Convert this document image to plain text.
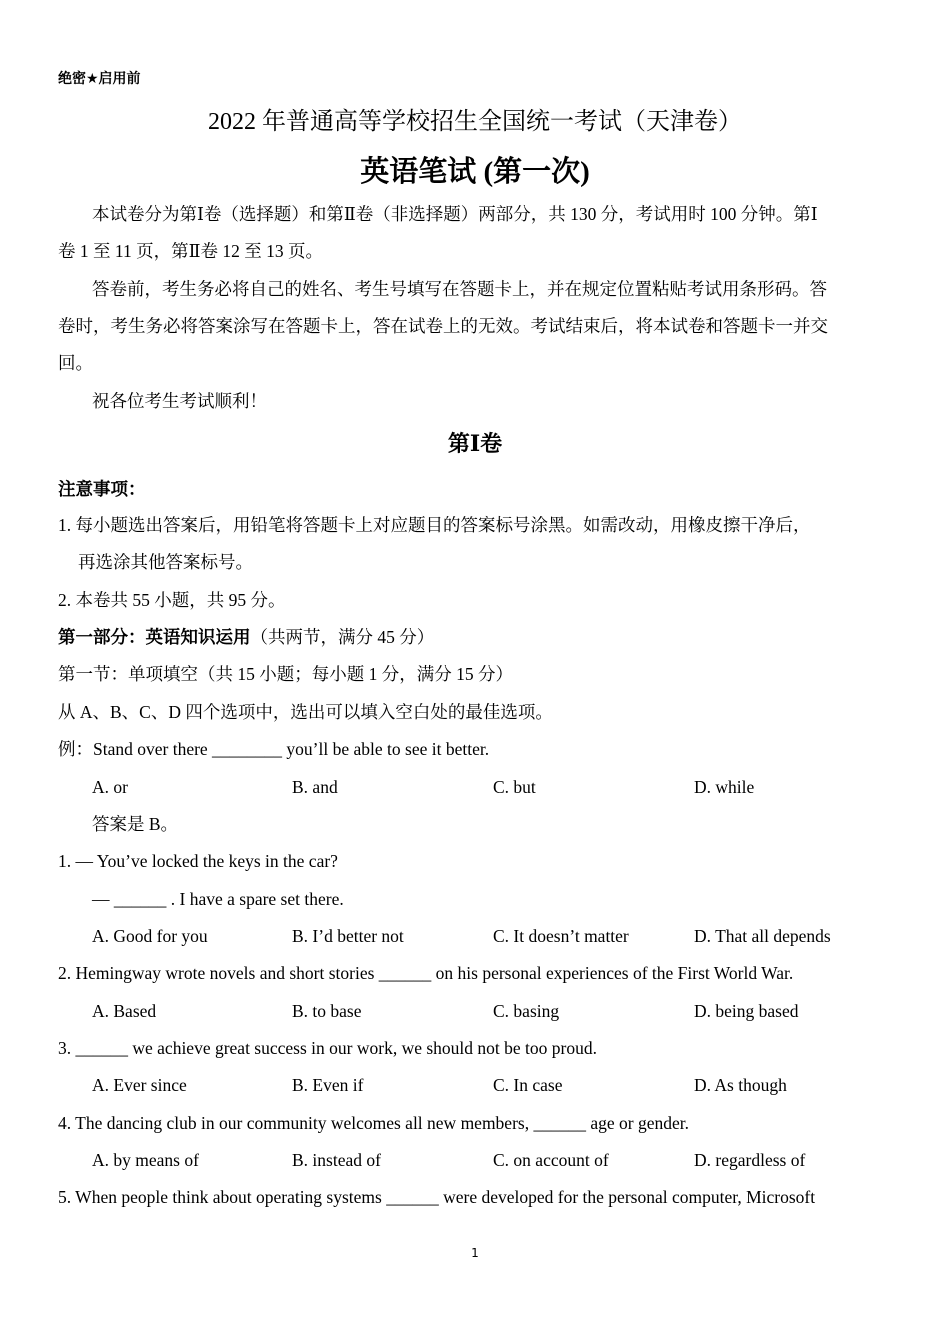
绝密★启用前
2022 年普通高等学校招生全国统一考试（天津卷）
英语笔试 (第一次)
本试卷分为第Ⅰ卷（选择题）和第Ⅱ卷（非选择题）两部分，共 130 分，考试用时 100 分钟。第Ⅰ
卷 1 至 11 页，第Ⅱ卷 12 至 13 页。
答卷前，考生务必将自己的姓名、考生号填写在答题卡上，并在规定位置粘贴考试用条形码。答
卷时，考生务必将答案涂写在答题卡上，答在试卷上的无效。考试结束后，将本试卷和答题卡一并交
回。
祝各位考生考试顺利！
第Ⅰ卷
注意事项：
1. 每小题选出答案后，用铅笔将答题卡上对应题目的答案标号涂黑。如需改动，用橡皮擦干净后，
再选涂其他答案标号。
2. 本卷共 55 小题，共 95 分。
第一部分：英语知识运用（共两节，满分 45 分）
第一节：单项填空（共 15 小题；每小题 1 分，满分 15 分）
从 A、B、C、D 四个选项中，选出可以填入空白处的最佳选项。
例：Stand over there ________ you’ll be able to see it better.
A. or	B. and	C. but	D. while
答案是 B。
1. — You’ve locked the keys in the car?
— ______ . I have a spare set there.
A. Good for you	B. I’d better not	C. It doesn’t matter	D. That all depends
2. Hemingway wrote novels and short stories ______ on his personal experiences of the First World War.
A. Based	B. to base	C. basing	D. being based
3. ______ we achieve great success in our work, we should not be too proud.
A. Ever since	B. Even if	C. In case	D. As though
4. The dancing club in our community welcomes all new members, ______ age or gender.
A. by means of	B. instead of	C. on account of	D. regardless of
5. When people think about operating systems ______ were developed for the personal computer, Microsoft
1
